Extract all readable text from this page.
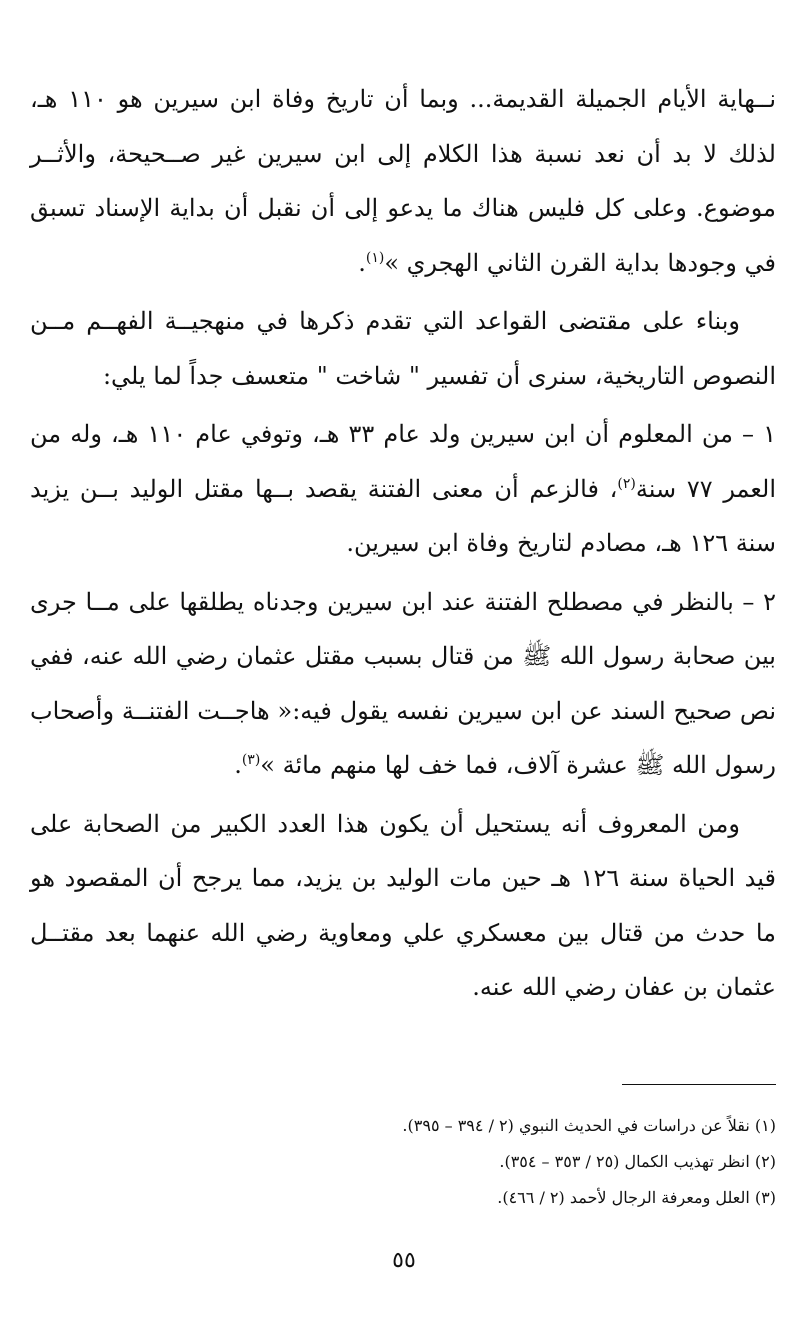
نــهاية الأيام الجميلة القديمة... وبما أن تاريخ وفاة ابن سيرين هو ١١٠ هـ، لذلك لا بد أن نعد نسبة هذا الكلام إلى ابن سيرين غير صــحيحة، والأثــر موضوع. وعلى كل فليس هناك ما يدعو إلى أن نقبل أن بداية الإسناد تسبق في وجودها بداية القرن الثاني الهجري »$^{(١)}$.

وبناء على مقتضى القواعد التي تقدم ذكرها في منهجيــة الفهــم مــن النصوص التاريخية، سنرى أن تفسير " شاخت " متعسف جداً لما يلي:

١ – من المعلوم أن ابن سيرين ولد عام ٣٣ هـ، وتوفي عام ١١٠ هـ، وله من العمر ٧٧ سنة$^{(٢)}$، فالزعم أن معنى الفتنة يقصد بــها مقتل الوليد بــن يزيد سنة ١٢٦ هـ، مصادم لتاريخ وفاة ابن سيرين.

٢ – بالنظر في مصطلح الفتنة عند ابن سيرين وجدناه يطلقها على مــا جرى بين صحابة رسول الله ﷺ من قتال بسبب مقتل عثمان رضي الله عنه، ففي نص صحيح السند عن ابن سيرين نفسه يقول فيه:« هاجــت الفتنــة وأصحاب رسول الله ﷺ عشرة آلاف، فما خف لها منهم مائة »$^{(٣)}$.

ومن المعروف أنه يستحيل أن يكون هذا العدد الكبير من الصحابة على قيد الحياة سنة ١٢٦ هـ حين مات الوليد بن يزيد، مما يرجح أن المقصود هو ما حدث من قتال بين معسكري علي ومعاوية رضي الله عنهما بعد مقتــل عثمان بن عفان رضي الله عنه.

(١) نقلاً عن دراسات في الحديث النبوي (٢ / ٣٩٤ – ٣٩٥).

(٢) انظر تهذيب الكمال (٢٥ / ٣٥٣ – ٣٥٤).

(٣) العلل ومعرفة الرجال لأحمد (٢ / ٤٦٦).

٥٥
